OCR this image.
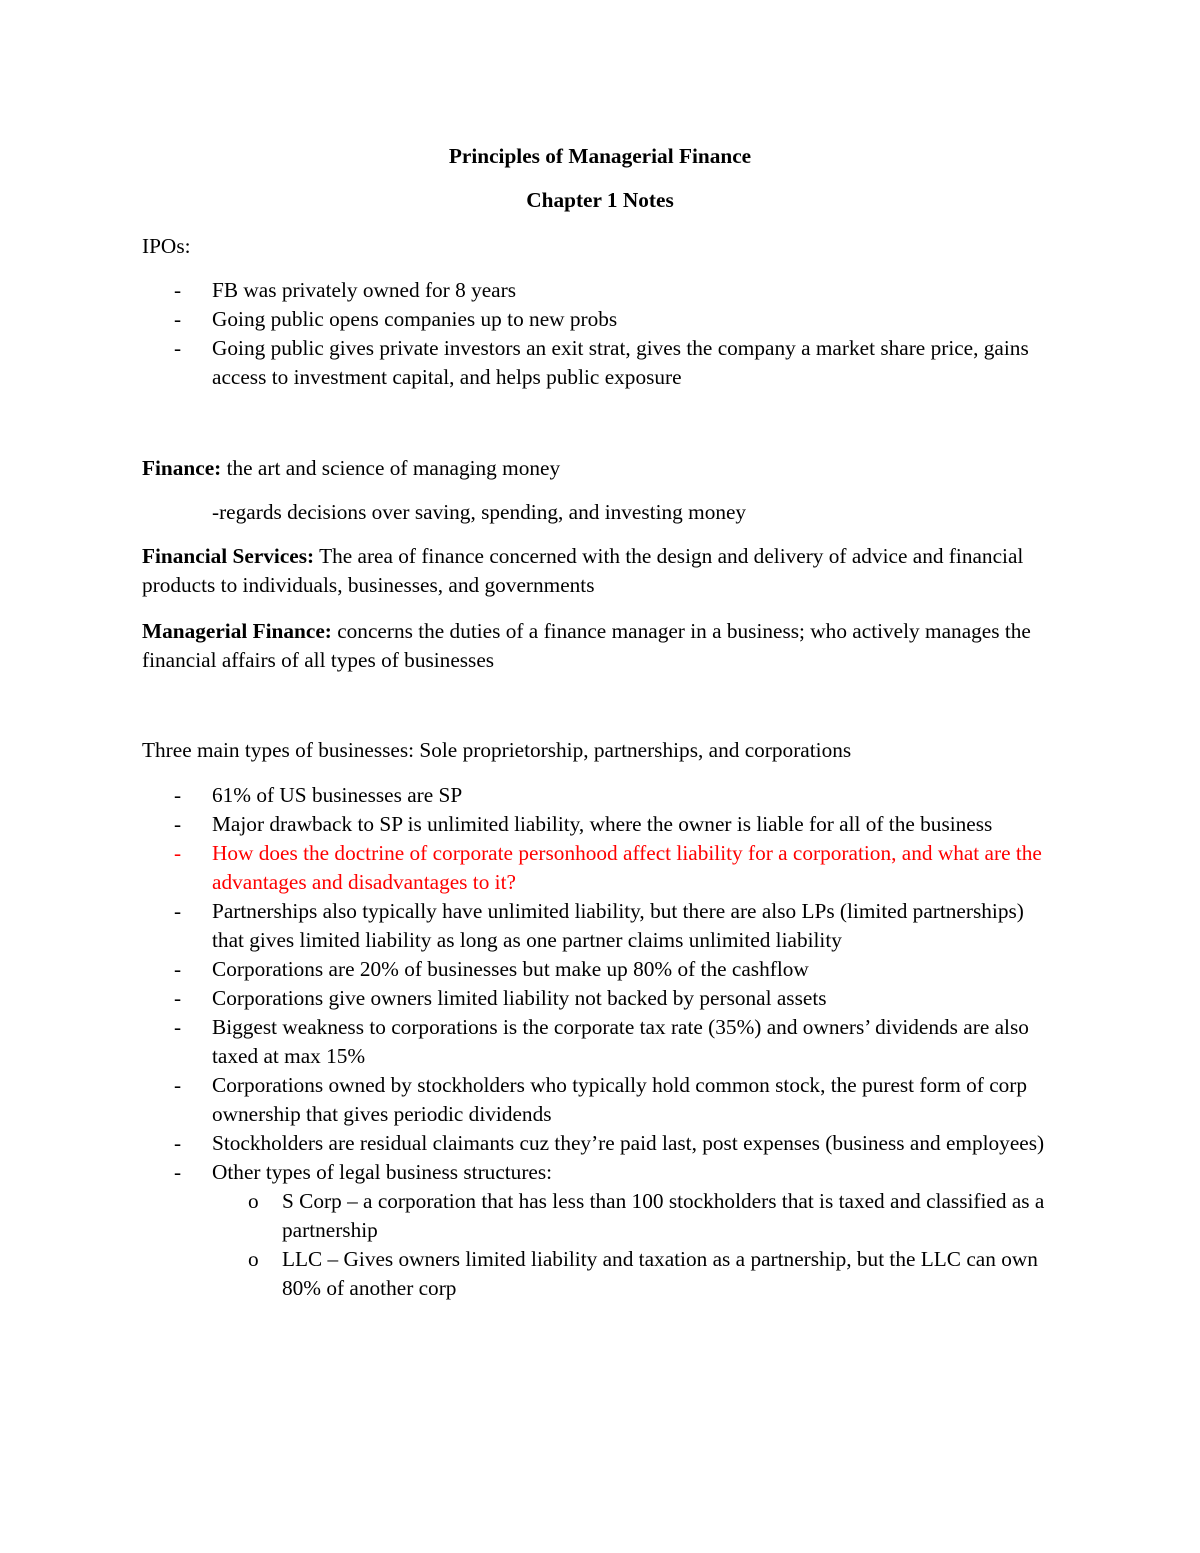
Principles of Managerial Finance
Chapter 1 Notes
IPOs:
- FB was privately owned for 8 years
- Going public opens companies up to new probs
- Going public gives private investors an exit strat, gives the company a market share price, gains access to investment capital, and helps public exposure

Finance: the art and science of managing money

-regards decisions over saving, spending, and investing money

Financial Services: The area of finance concerned with the design and delivery of advice and financial products to individuals, businesses, and governments

Managerial Finance: concerns the duties of a finance manager in a business; who actively manages the financial affairs of all types of businesses

Three main types of businesses: Sole proprietorship, partnerships, and corporations
- 61% of US businesses are SP
- Major drawback to SP is unlimited liability, where the owner is liable for all of the business
- How does the doctrine of corporate personhood affect liability for a corporation, and what are the advantages and disadvantages to it?
- Partnerships also typically have unlimited liability, but there are also LPs (limited partnerships) that gives limited liability as long as one partner claims unlimited liability
- Corporations are 20% of businesses but make up 80% of the cashflow
- Corporations give owners limited liability not backed by personal assets
- Biggest weakness to corporations is the corporate tax rate (35%) and owners’ dividends are also taxed at max 15%
- Corporations owned by stockholders who typically hold common stock, the purest form of corp ownership that gives periodic dividends
- Stockholders are residual claimants cuz they’re paid last, post expenses (business and employees)
- Other types of legal business structures:
o S Corp – a corporation that has less than 100 stockholders that is taxed and classified as a partnership
o LLC – Gives owners limited liability and taxation as a partnership, but the LLC can own 80% of another corp
